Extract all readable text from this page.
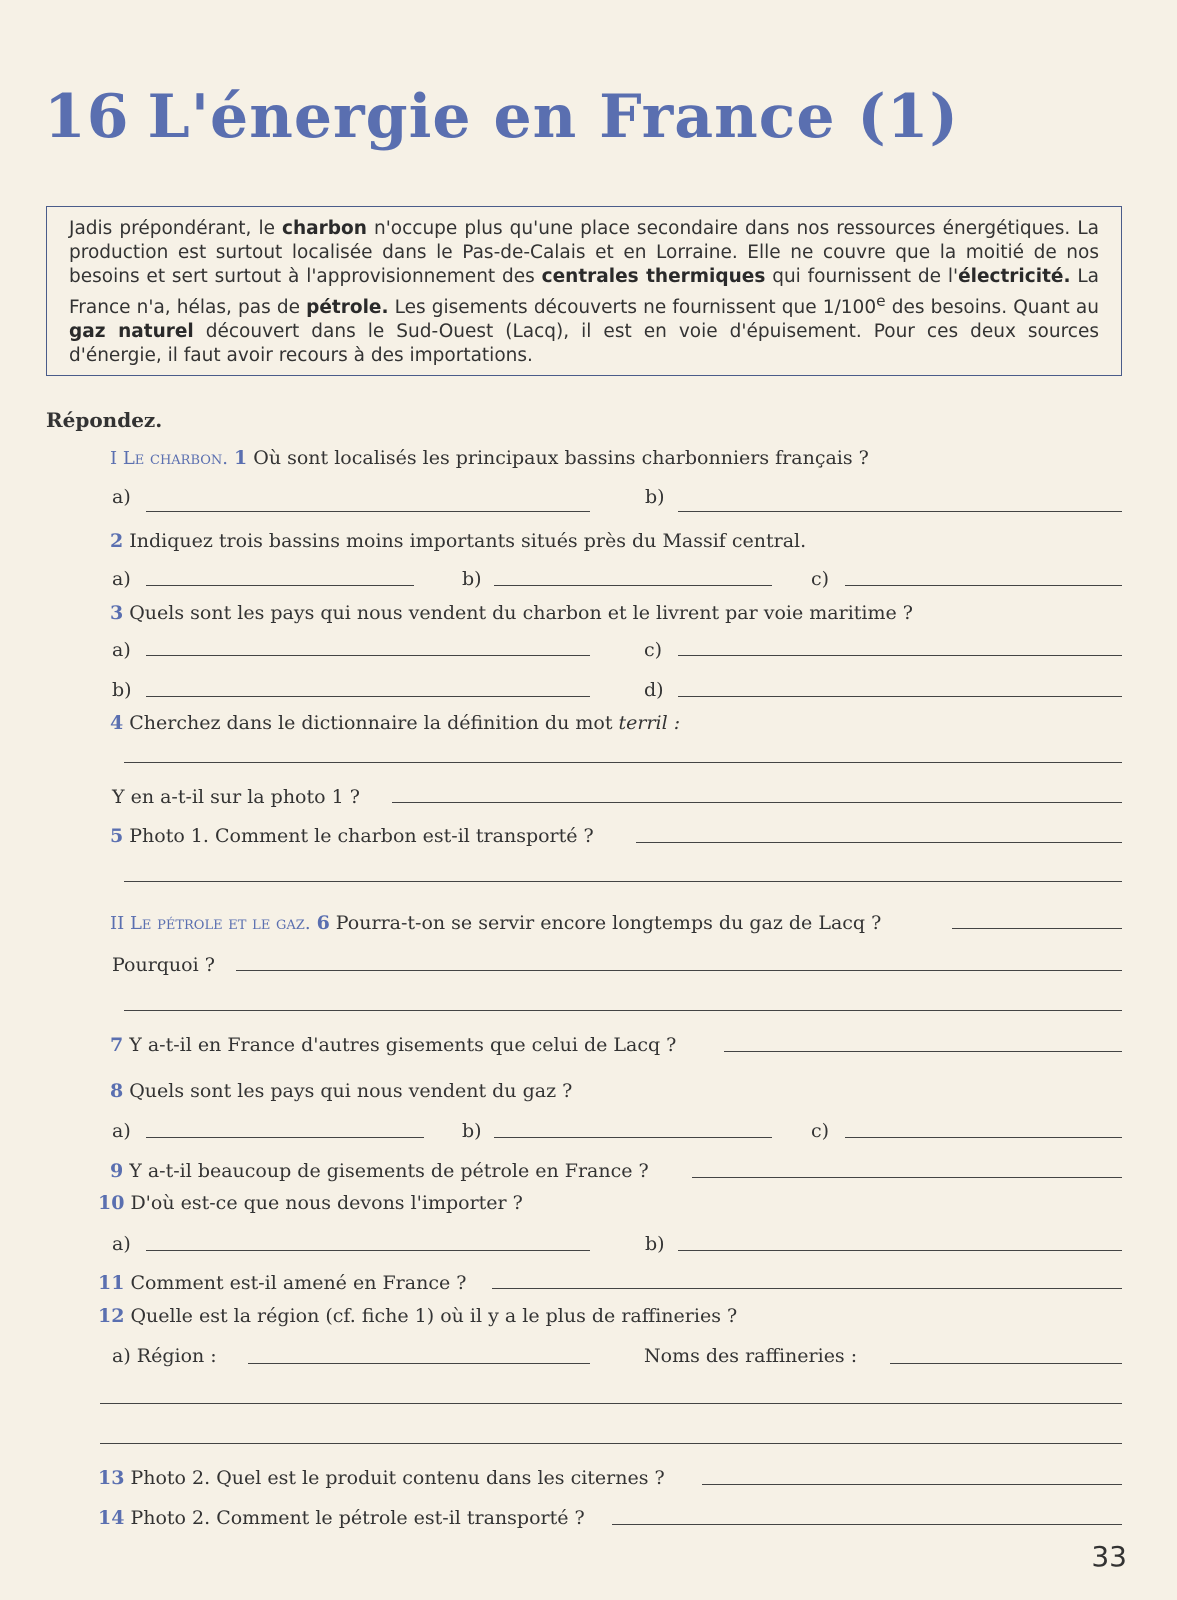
16 L'énergie en France (1)

Jadis prépondérant, le charbon n'occupe plus qu'une place secondaire dans nos ressources énergétiques. La production est surtout localisée dans le Pas-de-Calais et en Lorraine. Elle ne couvre que la moitié de nos besoins et sert surtout à l'approvisionnement des centrales thermiques qui fournissent de l'électricité. La France n'a, hélas, pas de pétrole. Les gisements découverts ne fournissent que 1/100e des besoins. Quant au gaz naturel découvert dans le Sud-Ouest (Lacq), il est en voie d'épuisement. Pour ces deux sources d'énergie, il faut avoir recours à des importations.

Répondez.
I Le charbon. 1 Où sont localisés les principaux bassins charbonniers français ?
a)	b)
2 Indiquez trois bassins moins importants situés près du Massif central.
a)	b)	c)
3 Quels sont les pays qui nous vendent du charbon et le livrent par voie maritime ?
a)	c)
b)	d)
4 Cherchez dans le dictionnaire la définition du mot terril :
Y en a-t-il sur la photo 1 ?
5 Photo 1. Comment le charbon est-il transporté ?
II Le pétrole et le gaz. 6 Pourra-t-on se servir encore longtemps du gaz de Lacq ?
Pourquoi ?
7 Y a-t-il en France d'autres gisements que celui de Lacq ?
8 Quels sont les pays qui nous vendent du gaz ?
a)	b)	c)
9 Y a-t-il beaucoup de gisements de pétrole en France ?
10 D'où est-ce que nous devons l'importer ?
a)	b)
11 Comment est-il amené en France ?
12 Quelle est la région (cf. fiche 1) où il y a le plus de raffineries ?
a) Région :	Noms des raffineries :
13 Photo 2. Quel est le produit contenu dans les citernes ?
14 Photo 2. Comment le pétrole est-il transporté ?
33
